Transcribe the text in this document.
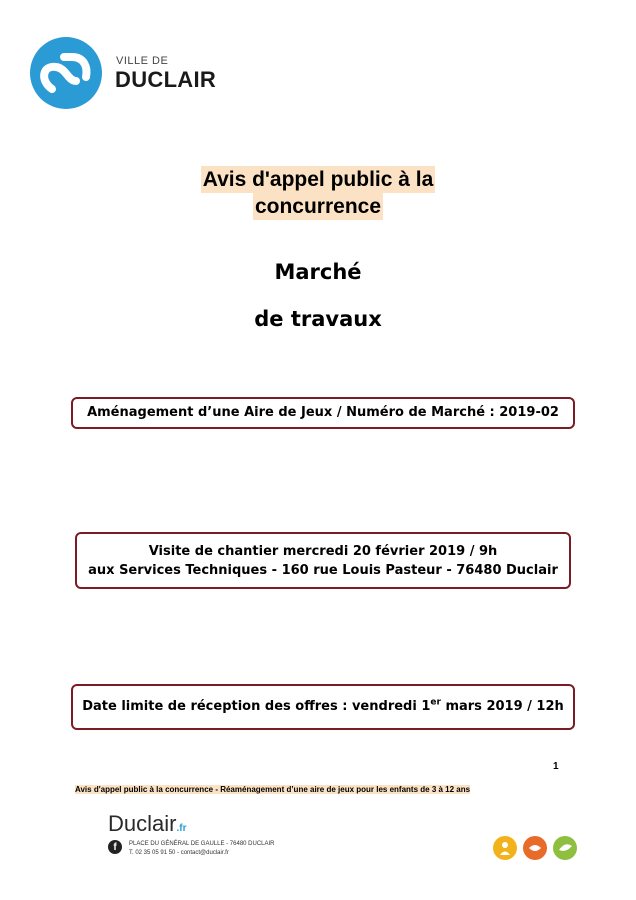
VILLE DE
DUCLAIR
Avis d'appel public à la
concurrence
Marché
de travaux
Aménagement d’une Aire de Jeux / Numéro de Marché : 2019-02
Visite de chantier mercredi 20 février 2019 / 9h
aux Services Techniques - 160 rue Louis Pasteur - 76480 Duclair
Date limite de réception des offres : vendredi 1er mars 2019 / 12h
1
Avis d'appel public à la concurrence - Réaménagement d’une aire de jeux pour les enfants de 3 à 12 ans
Duclair.fr
f	PLACE DU GÉNÉRAL DE GAULLE - 76480 DUCLAIR
T. 02 35 05 91 50 - contact@duclair.fr
